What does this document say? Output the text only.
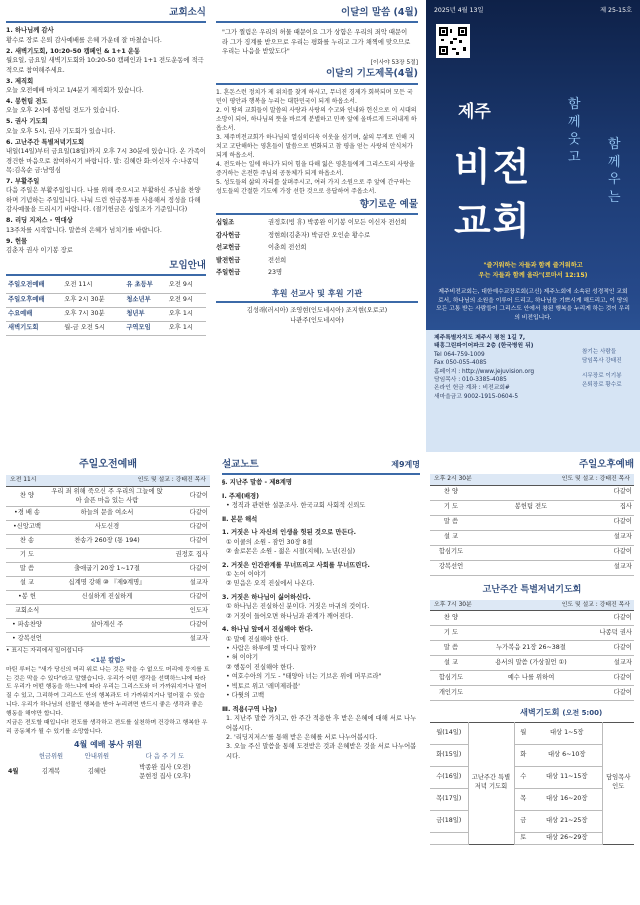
교회소식
1. 하나님께 감사
황수로 장로 은퇴 감사예배를 은혜 가운데 잘 마쳤습니다.
2. 새벽기도회, 10:20-50 캠페인 & 1+1 운동
월요일, 금요일 새벽기도회와 10:20-50 캠페인과 1+1 전도운동에 적극적으로 참여해주세요.
3. 제직회
오늘 오전예배 마치고 1/4분기 제직회가 있습니다.
4. 봉헌팀 전도
오늘 오후 2시에 봉헌팀 전도가 있습니다.
5. 권사 기도회
오늘 오후 5시, 권사 기도회가 있습니다.
6. 고난주간 특별저녁기도회
내일(14일)부터 금요일(18일)까지 오후 7시 30분에 있습니다. 온 가족이 경건한 마음으로 참여하시기 바랍니다. 말: 김혜란 화:이신자 수:나종덕 목:김옥순 금:남영심
7. 부활주일
다음 주일은 부활주일입니다. 나를 위해 죽으시고 부활하신 주님을 찬양하며 기념하는 주일입니다. 나눠 드린 헌금봉투를 사용해서 정성을 다해 감사예물을 드리시기 바랍니다. (절기헌금은 십일조가 기준입니다)
8. 리딩 지저스 - 역대상
13주차를 시작합니다. 말씀의 은혜가 넘치기를 바랍니다.
9. 헌물
김춘자 권사 이기봉 장로
모임안내
주일오전예배	오전 11시	유 초등부	오전 9시
주일오후예배	오후 2시 30분	청소년부	오전 9시
수요예배	오후 7시 30분	청년부	오후 1시
새벽기도회	월-금 오전 5시	구역모임	오후 1시
이달의 말씀 (4월)
"그가 찔림은 우리의 허물 때문이요 그가 상함은 우리의 죄악 때문이라 그가 징계를 받으므로 우리는 평화를 누리고 그가 채찍에 맞으므로 우리는 나음을 받았도다"
[이사야 53장 5절]
이달의 기도제목(4월)
1. 혼돈스런 정치가 제 위치를 찾게 하시고, 무너진 경제가 회복되며 모든 국민이 평안과 행복을 누리는 대한민국이 되게 하옵소서.
2. 이 땅의 교회들이 말씀의 사랑과 사랑의 수고와 인내와 헌신으로 이 시대의 소망이 되어, 하나님의 뜻을 바르게 분별하고 민족 앞에 올바르게 드러내게 하옵소서.
3. 제주비전교회가 하나님의 열심히더욱 이웃을 섬기며, 삶의 무게로 인해 지치고 고단해하는 영혼들이 말씀으로 변화되고 참 평을 얻는 사랑의 안식처가 되게 하옵소서.
4. 전도하는 일에 하나가 되어 힘을 다해 잃은 영혼들에게 그리스도의 사랑을 증거하는 온전한 주님의 공동체가 되게 하옵소서.
5. 성도들의 삶의 자리를 살펴주시고, 여러 가지 소원으로 주 앞에 간구하는 성도들의 간절한 기도에 가장 선한 것으로 응답하여 주옵소서.
향기로운 예물
십일조	권정호(빙 휴) 박종완 이기봉 이모든 이신자 전선희
감사헌금	정현희(김춘자) 박금란 오인순 황수로
선교헌금	이춘희 전선희
발전헌금	전선희
주일헌금	23명
후원 선교사 및 후원 기관
김성래(러시아) 조영현(인도네시아) 조지현(오로코)
나관주(인도네시아)
2025년 4월 13일	제 25-15호
제주
비전
교회
함께 웃고
함께 우는
"즐거워하는 자들과 함께 즐거워하고
우는 자들과 함께 울라"(로마서 12:15)
제주비전교회는, 대한예수교장로회(고신) 제주노회에 소속된 성경적인 교회로서, 하나님의 소원을 이루어 드리고, 하나님을 기쁘시게 해드리고, 이 땅의 모든 고통 받는 사람들이 그리스도 안에서 참된 행복을 누리게 하는 것이 우리의 비전입니다.
제주특별자치도 제주시 평천 1길 7,
태홍그린파이어파크 2층 (한국병원 뒤)
Tel 064-759-1009
Fax 050-055-4085
홈페이지 : http://www.jejuvision.org
담임목사 : 010-3385-4085
온라인 헌금 계좌 : 비전교회#
새마을금고 9002-1915-0604-5
참기는 사람들
담임목사 강태진
시무장로 이기봉
은퇴장로 황수로
주일오전예배
오전 11시	인도 및 설교 : 강태진 목사
찬 양	우리 죄 위해 죽으신 주 우리의 그늘에 앉아 슬픈 마음 있는 사람	다같이
•경 배 송	하늘의 문을 여소서	다같이
•신앙고백	사도신경	다같이
찬 송	찬송가 260장 (통 194)	다같이
기 도		권정호 집사
말 씀	출애굽기 20장 1~17절	다같이
설 교	십계명 강해 ⑩ 『제9계명』	설교자
•봉 헌	신실하게 진실하게	다같이
교회소식		인도자
• 파송찬양	살아계신 주	다같이
• 강복선언		설교자
• 표시는 자리에서 일어섭니다
<1분 칼럼>
마틴 루터는 "새가 당신의 머리 위로 나는 것은 막을 수 없으도 머리에 둥지를 트는 것은 막을 수 있다"라고 말했습니다. 우리가 어떤 생각을 선택하느냐에 따라 도 우리가 어떤 행동을 하느냐에 따라 우리는 그리스도와 더 가까워지거나 멀어질 수 있고, 그리하여 그리스도 안의 행복과도 더 가까워지거나 멀어질 수 있습니다. 우리가 하나님의 선물인 행복을 받아 누리려면 반드시 좋은 생각과 좋은 행동을 해야만 합니다.
지금은 전도할 때입니다! 전도를 생각하고 전도를 실천하며 건강하고 행복한 우리 공동체가 될 수 있기를 소망합니다.
4월 예배 봉사 위원
	헌금위원	안내위원	다 음 주 기 도
4월	김계복	김혜란	박종완 집사 (오전)
문현정 집사 (오후)
설교노트	제9계명
§. 지난주 말씀 - 제8계명
Ⅰ. 주제(배경)
• 정직과 관련한 설문조사. 한국교회 사회적 신뢰도
Ⅱ. 본문 해석
1. 거짓은 나 자신의 인생을 헛된 것으로 만든다.
① 이쿨의 소원 - 잠언 30장 8절
② 솔로몬은 소원 - 젊은 시절(지혜), 노년(진실)
2. 거짓은 인간관계를 무너뜨리고 사회를 무너뜨린다.
① 논어 이야기
② 믿음은 오직 진실에서 나온다.
3. 거짓은 하나님이 싫어하신다.
① 하나님은 진실하신 분이다. 거짓은 마귀의 것이다.
② 거짓이 들어오면 하나님과 관계가 깨어진다.
4. 하나님 앞에서 진실해야 한다.
① 말에 진실해야 한다.
• 사람은 하루에 몇 마디나 할까?
• 혀 이야기
② 행동이 진실해야 한다.
• 여호수아의 기도 - "태양아 너는 기브온 위에 머무르라"
• 빅토르 위고 '레미제라블'
• 다윗의 고백
Ⅲ. 적용(구역 나눔)
1. 지난주 말씀 가치고, 한 주간 적용한 후 받은 은혜에 대해 서로 나누어봅시다.
2. '리딩지저스'를 통해 받은 은혜를 서로 나누어봅시다.
3. 오늘 주신 말씀을 통해 도전받은 것과 은혜받은 것을 서로 나누어봅시다.
주일오후예배
오후 2시 30분	인도 및 설교 : 강태진 목사
찬 양		다같이
기 도	봉헌팀 전도	집사
말 씀		다같이
설 교		설교자
합심기도		다같이
강복선언		설교자
고난주간 특별저녁기도회
오후 7시 30분	인도 및 설교 : 강태진 목사
찬 양		다같이
기 도		나종덕 권사
말 씀	누가복음 21장 26~38절	다같이
설 교	용서의 말씀 (가상칠언 ①)	설교자
합심기도	예수 나를 위하여	다같이
개인기도		다같이
새벽기도회 (오전 5:00)
월(14일)	고난주간 특별저녁 기도회	월	대상 1~5장	담임목사 인도
화(15일)		화	대상 6~10장	
수(16일)		수	대상 11~15장	
목(17일)		목	대상 16~20장	
금(18일)		금	대상 21~25장	
		토	대상 26~29장	
